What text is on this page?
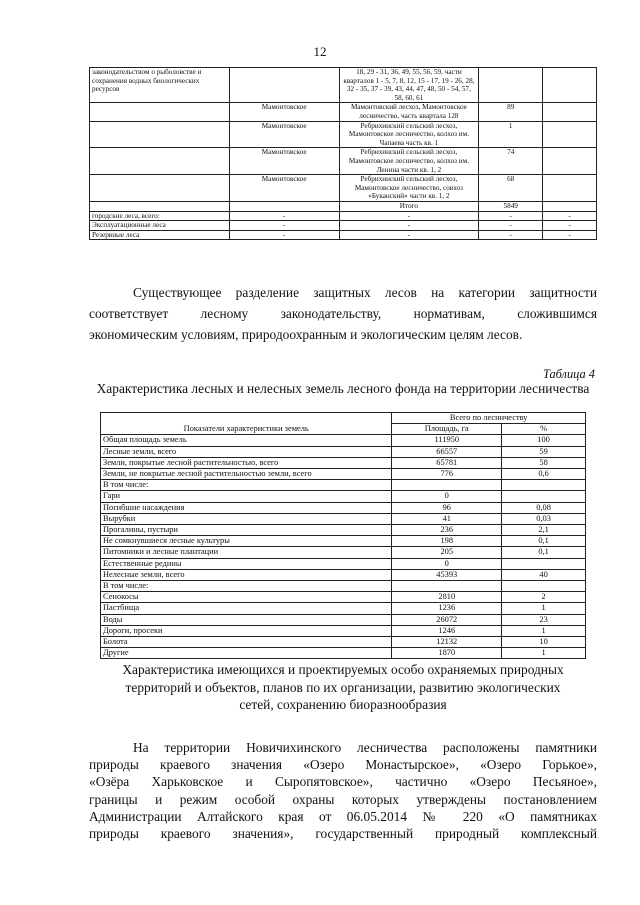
12
законодательством о рыболовстве и сохранения водных биологических ресурсов		18, 29 - 31, 36, 49, 55, 56, 59, части кварталов 1 - 5, 7, 8, 12, 15 - 17, 19 - 26, 28, 32 - 35, 37 - 39, 43, 44, 47, 48, 50 - 54, 57, 58, 60, 61		
	Мамонтовское	Мамонтовский лесхоз, Мамонтовское лесничество, часть квартала 128	89	
	Мамонтовское	Ребрихинский сельский лесхоз, Мамонтовское лесничество, колхоз им. Чапаева часть кв. 1	1	
	Мамонтовское	Ребрихинский сельский лесхоз, Мамонтовское лесничество, колхоз им. Ленина части кв. 1, 2	74	
	Мамонтовское	Ребрихинский сельский лесхоз, Мамонтовское лесничество, совхоз «Буканский» части кв. 1, 2	68	
		Итого	5849	
городские леса, всего:	-	-	-	-
Эксплуатационные леса	-	-	-	-
Резервные леса	-	-	-	-

Существующее разделение защитных лесов на категории защитности

соответствует лесному законодательству, нормативам, сложившимся
экономическим условиям, природоохранным и экологическим целям лесов.
Таблица 4
Характеристика лесных и нелесных земель лесного фонда на территории лесничества
Показатели характеристики земель	Всего по лесничеству	
	Площадь, га	%
Общая площадь земель	111950	100
Лесные земли, всего	66557	59
Земли, покрытые лесной растительностью, всего	65781	58
Земли, не покрытые лесной растительностью земли, всего	776	0,6
В том числе:		
Гари	0	
Погибшие насаждения	96	0,08
Вырубки	41	0,03
Прогалины, пустыри	236	2,1
Не сомкнувшиеся лесные культуры	198	0,1
Питомники и лесные плантации	205	0,1
Естественные редины	0	
Нелесные земли, всего	45393	40
В том числе:		
Сенокосы	2810	2
Пастбища	1236	1
Воды	26072	23
Дороги, просеки	1246	1
Болота	12132	10
Другие	1870	1
Характеристика имеющихся и проектируемых особо охраняемых природных
территорий и объектов, планов по их организации, развитию экологических
сетей, сохранению биоразнообразия

На территории Новичихинского лесничества расположены памятники

природы краевого значения «Озеро Монастырское», «Озеро Горькое»,
«Озёра Харьковское и Сыропятовское», частично «Озеро Песьяное»,
границы и режим особой охраны которых утверждены постановлением
Администрации Алтайского края от 06.05.2014 № 220 «О памятниках
природы краевого значения», государственный природный комплексный
